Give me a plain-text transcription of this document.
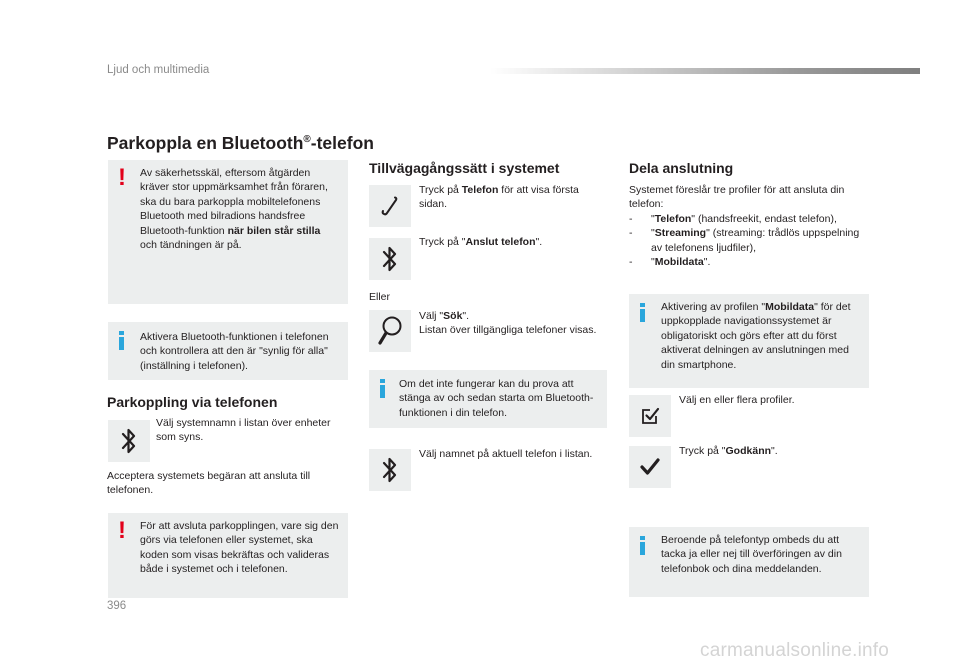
Ljud och multimedia
Parkoppla en Bluetooth®-telefon
! Av säkerhetsskäl, eftersom åtgärden kräver stor uppmärksamhet från föraren, ska du bara parkoppla mobiltelefonens Bluetooth med bilradions handsfree Bluetooth-funktion när bilen står stilla och tändningen är på.
Aktivera Bluetooth-funktionen i telefonen och kontrollera att den är "synlig för alla" (inställning i telefonen).
Parkoppling via telefonen
Välj systemnamn i listan över enheter som syns.
Acceptera systemets begäran att ansluta till telefonen.
! För att avsluta parkopplingen, vare sig den görs via telefonen eller systemet, ska koden som visas bekräftas och valideras både i systemet och i telefonen.
Tillvägagångssätt i systemet
Tryck på Telefon för att visa första sidan.
Tryck på "Anslut telefon".
Eller
Välj "Sök".
Listan över tillgängliga telefoner visas.
Om det inte fungerar kan du prova att stänga av och sedan starta om Bluetooth-funktionen i din telefon.
Välj namnet på aktuell telefon i listan.
Dela anslutning
Systemet föreslår tre profiler för att ansluta din telefon:
- "Telefon" (handsfreekit, endast telefon),
- "Streaming" (streaming: trådlös uppspelning av telefonens ljudfiler),
- "Mobildata".
Aktivering av profilen "Mobildata" för det uppkopplade navigationssystemet är obligatoriskt och görs efter att du först aktiverat delningen av anslutningen med din smartphone.
Välj en eller flera profiler.
Tryck på "Godkänn".
Beroende på telefontyp ombeds du att tacka ja eller nej till överföringen av din telefonbok och dina meddelanden.
396
carmanualsonline.info
